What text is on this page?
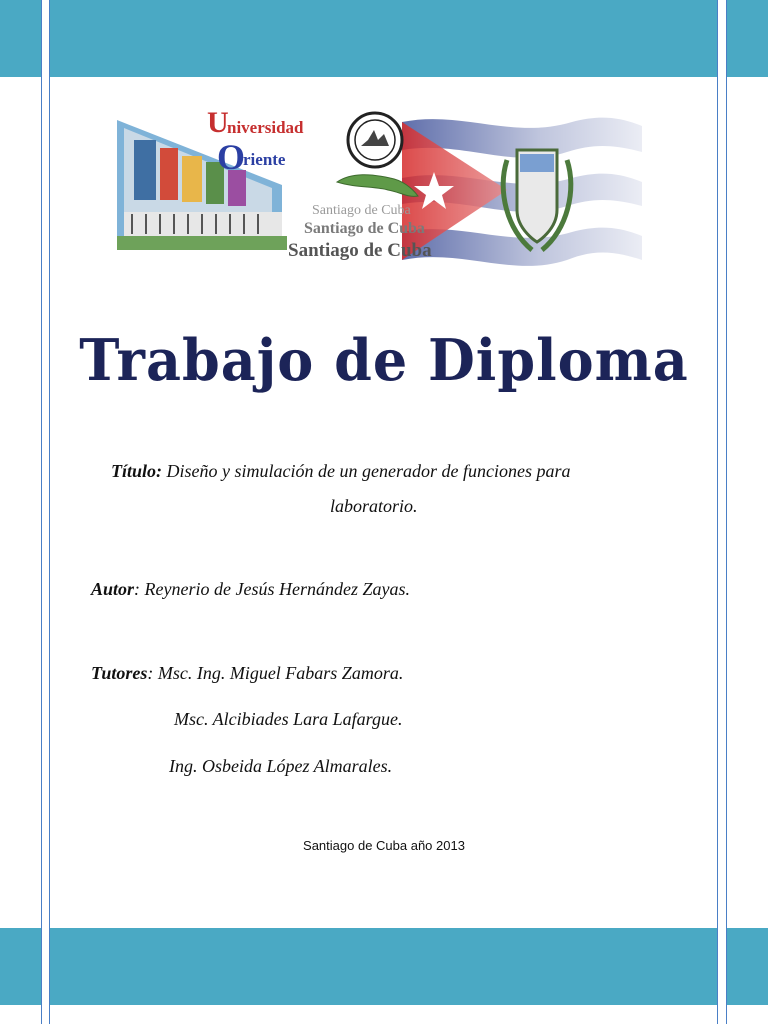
U
niversidad
O
riente
Santiago de Cuba
Santiago de Cuba
Santiago de Cuba
Trabajo de Diploma
Título: Diseño y simulación de un generador de funciones para
laboratorio.
Autor: Reynerio de Jesús Hernández Zayas.
Tutores: Msc. Ing. Miguel Fabars Zamora.
Msc. Alcibiades Lara Lafargue.
Ing. Osbeida López Almarales.
Santiago de Cuba año 2013
